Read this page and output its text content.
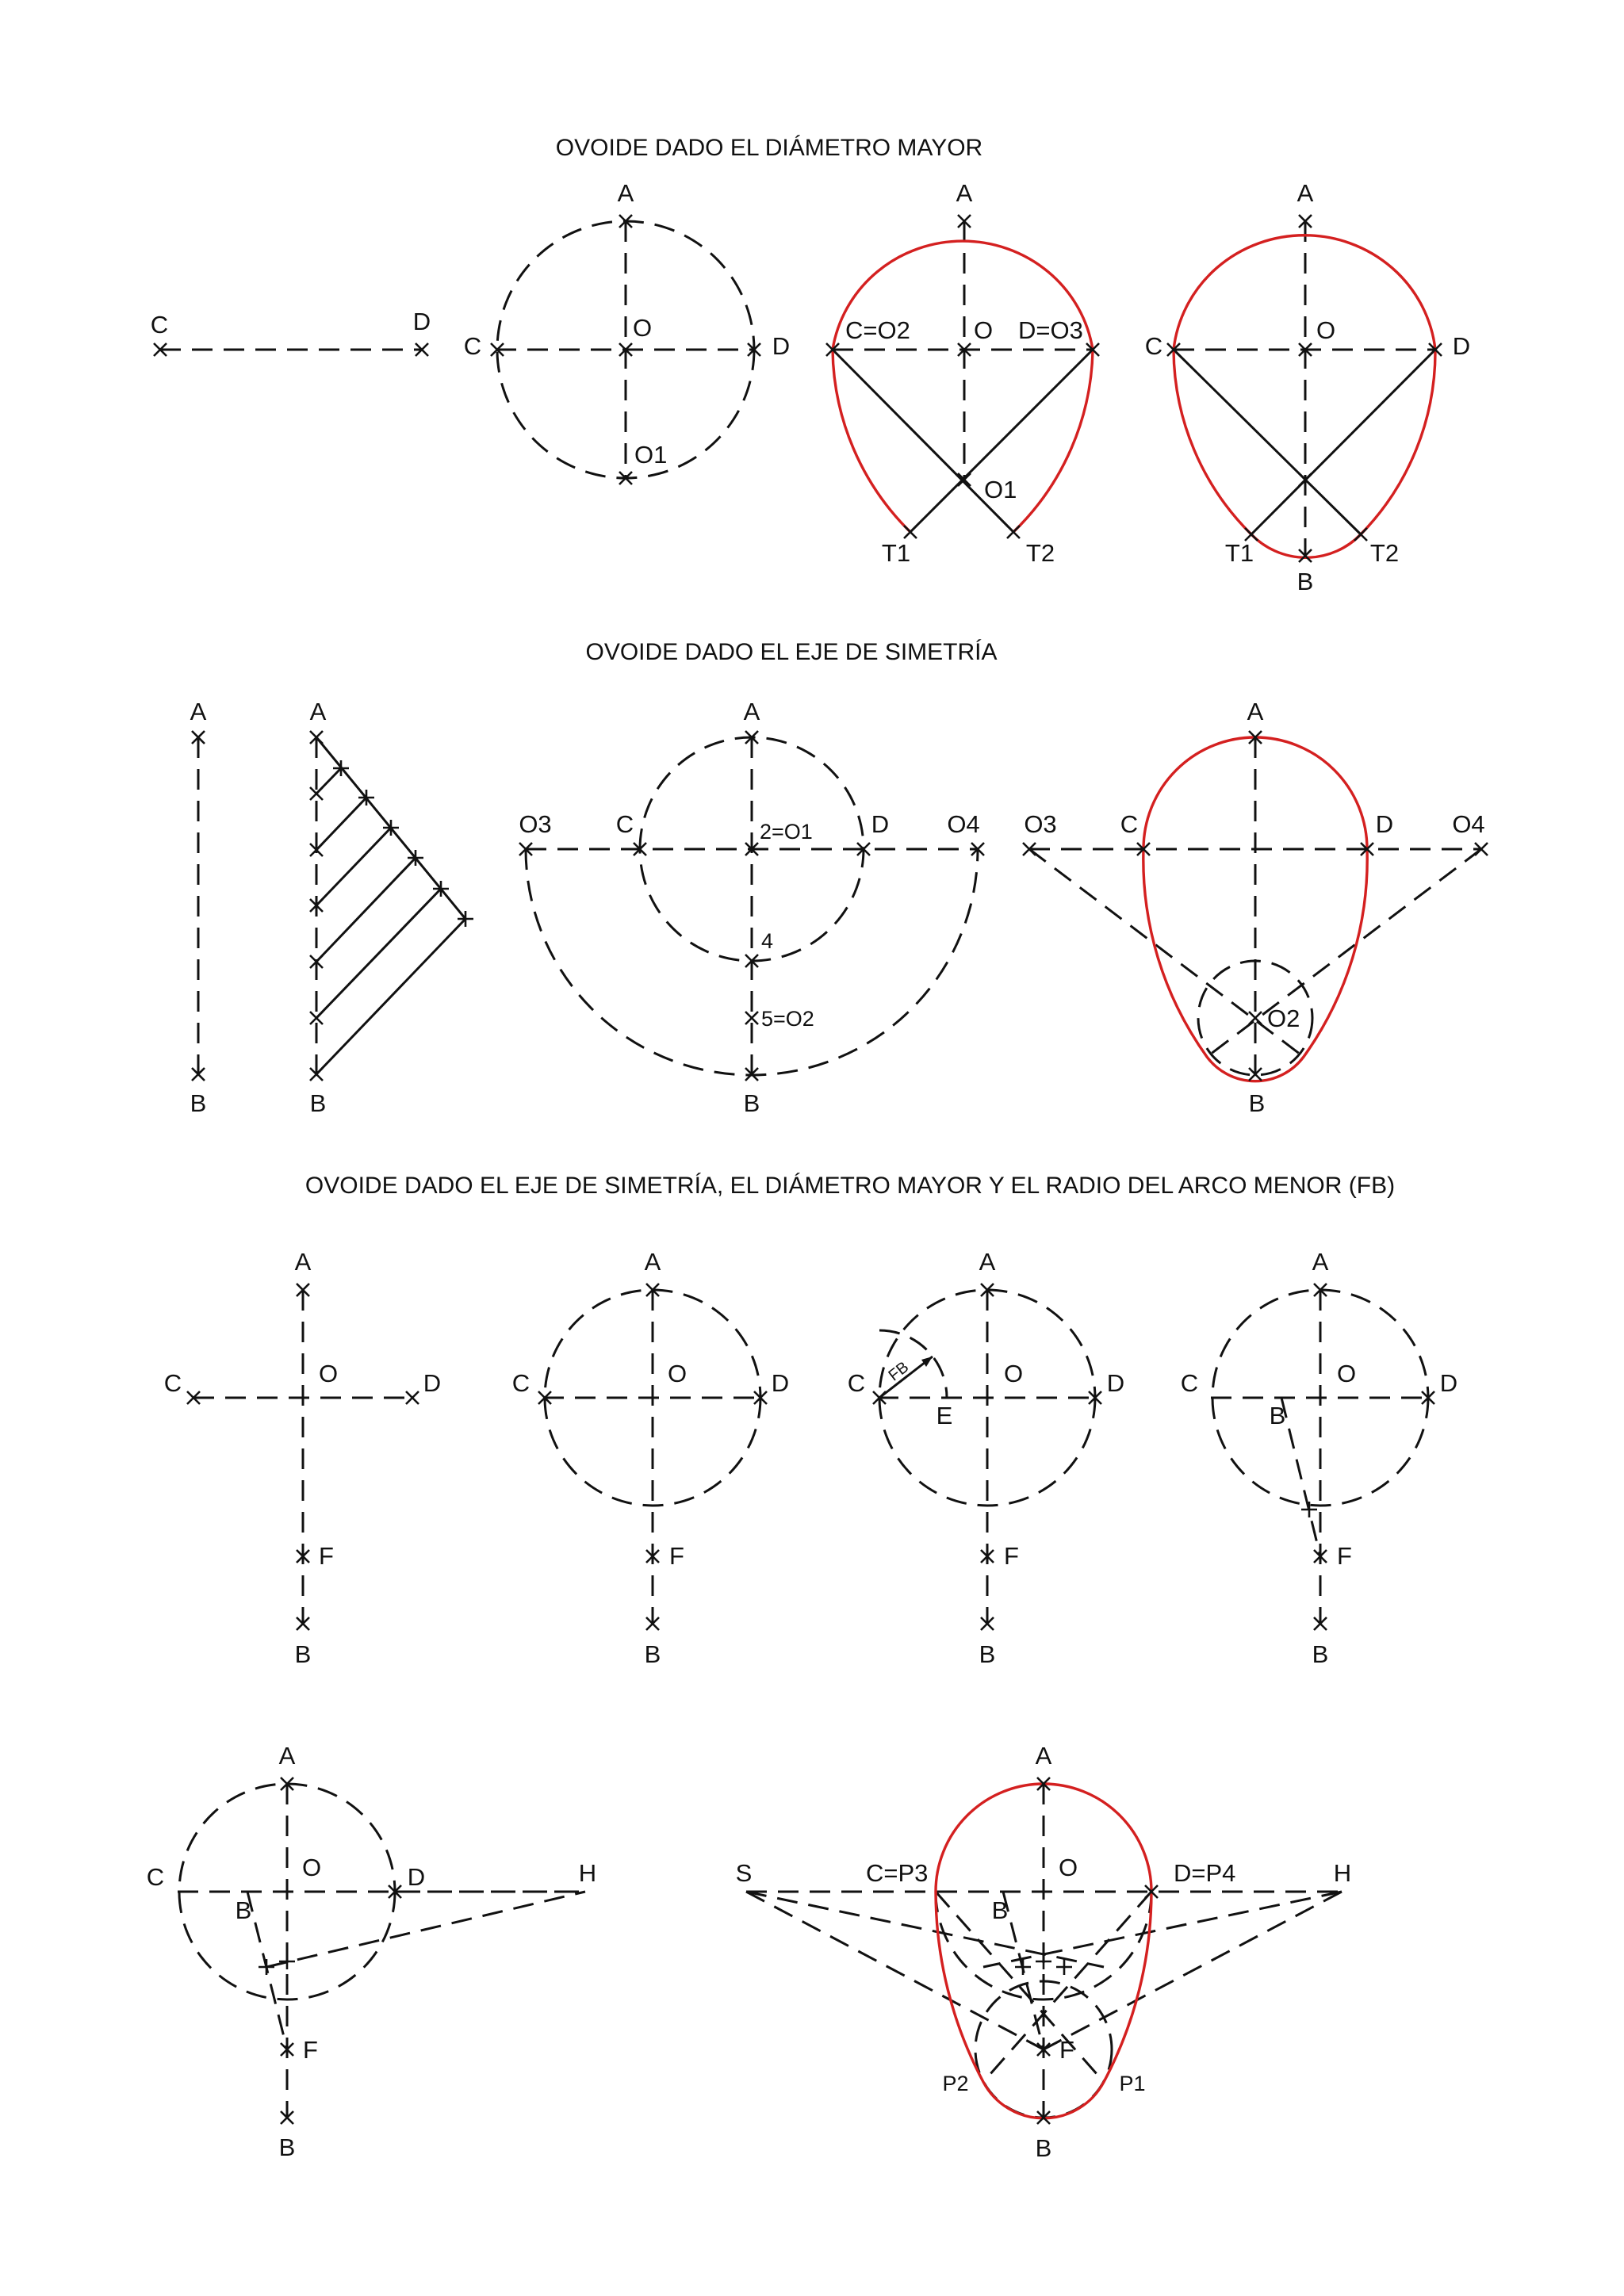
OVOIDE DADO EL DIÁMETRO MAYOR
OVOIDE DADO EL EJE DE SIMETRÍA
OVOIDE DADO EL EJE DE SIMETRÍA, EL DIÁMETRO MAYOR Y EL RADIO DEL ARCO MENOR (FB)
C	D
A
C	D
O
O1
A
C=O2	O D=O3
O1
T1	T2
A
C
O
D
T1	T2
B
A
B
A
B
A
O3	C	2=O1 D O4
4
5=O2
B
A
O3	C	D O4
O2
B
A
C	O	D
F
B
A
C	O	D
F
B
A
C FB
E
O	D
F
B
A
C	O	D
B
F
B
A
C	O	D
B
H
F
B
A
S	C=P3	O	D=P4	H
B
F
P2	P1
B
